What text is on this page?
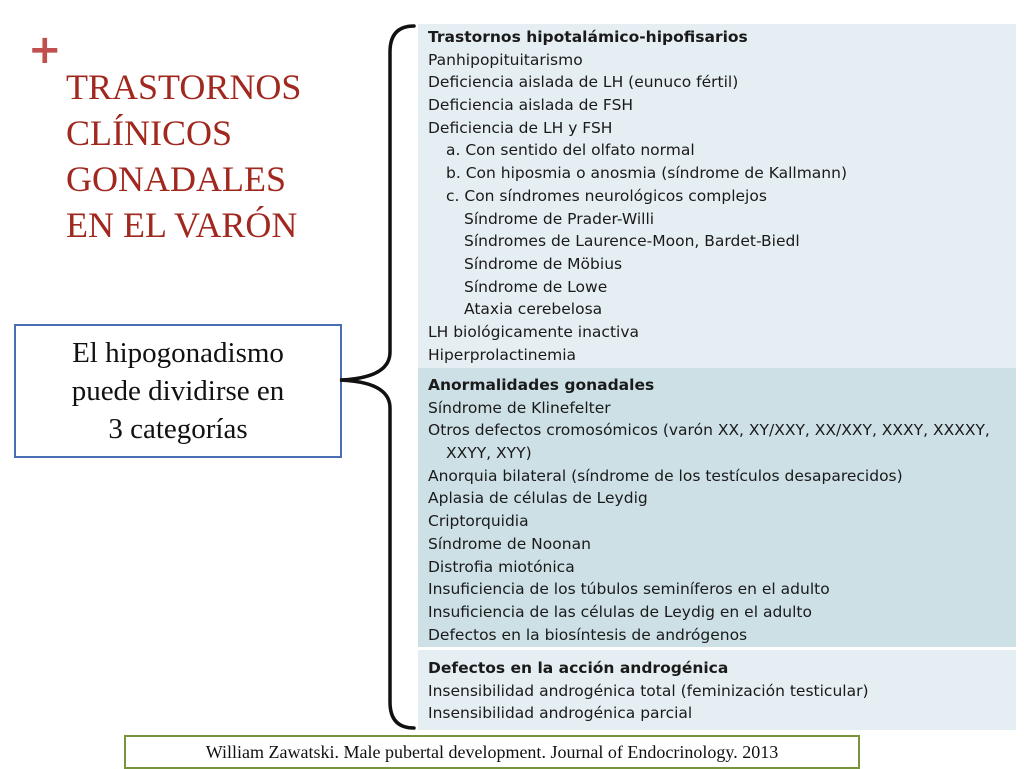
+
TRASTORNOS
CLÍNICOS
GONADALES
EN EL VARÓN
El hipogonadismo
puede dividirse en
3 categorías
Trastornos hipotalámico-hipofisarios
Panhipopituitarismo
Deficiencia aislada de LH (eunuco fértil)
Deficiencia aislada de FSH
Deficiencia de LH y FSH
a. Con sentido del olfato normal
b. Con hiposmia o anosmia (síndrome de Kallmann)
c. Con síndromes neurológicos complejos
Síndrome de Prader-Willi
Síndromes de Laurence-Moon, Bardet-Biedl
Síndrome de Möbius
Síndrome de Lowe
Ataxia cerebelosa
LH biológicamente inactiva
Hiperprolactinemia
Anormalidades gonadales
Síndrome de Klinefelter
Otros defectos cromosómicos (varón XX, XY/XXY, XX/XXY, XXXY, XXXXY,
XXYY, XYY)
Anorquia bilateral (síndrome de los testículos desaparecidos)
Aplasia de células de Leydig
Criptorquidia
Síndrome de Noonan
Distrofia miotónica
Insuficiencia de los túbulos seminíferos en el adulto
Insuficiencia de las células de Leydig en el adulto
Defectos en la biosíntesis de andrógenos
Defectos en la acción androgénica
Insensibilidad androgénica total (feminización testicular)
Insensibilidad androgénica parcial
William Zawatski. Male pubertal development. Journal of Endocrinology. 2013
